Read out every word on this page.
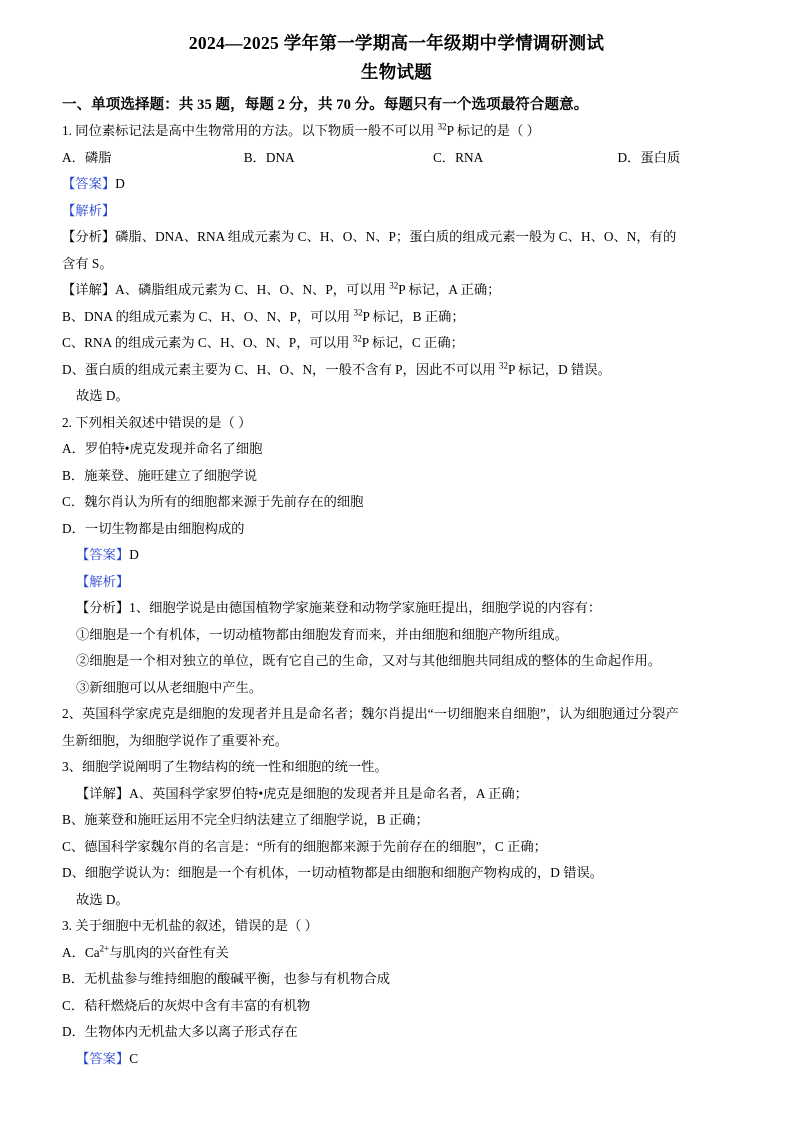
2024—2025 学年第一学期高一年级期中学情调研测试
生物试题
一、单项选择题：共 35 题，每题 2 分，共 70 分。每题只有一个选项最符合题意。
1. 同位素标记法是高中生物常用的方法。以下物质一般不可以用 $^{32}$P 标记的是（ ）
A．磷脂	B．DNA	C．RNA	D．蛋白质
【答案】D
【解析】
【分析】磷脂、DNA、RNA 组成元素为 C、H、O、N、P；蛋白质的组成元素一般为 C、H、O、N，有的
含有 S。
【详解】A、磷脂组成元素为 C、H、O、N、P，可以用 $^{32}$P 标记，A 正确；
B、DNA 的组成元素为 C、H、O、N、P，可以用 $^{32}$P 标记，B 正确；
C、RNA 的组成元素为 C、H、O、N、P，可以用 $^{32}$P 标记，C 正确；
D、蛋白质的组成元素主要为 C、H、O、N，一般不含有 P，因此不可以用 $^{32}$P 标记，D 错误。
故选 D。
2. 下列相关叙述中错误的是（ ）
A．罗伯特•虎克发现并命名了细胞
B．施莱登、施旺建立了细胞学说
C．魏尔肖认为所有的细胞都来源于先前存在的细胞
D．一切生物都是由细胞构成的
【答案】D
【解析】
【分析】1、细胞学说是由德国植物学家施莱登和动物学家施旺提出，细胞学说的内容有：
①细胞是一个有机体，一切动植物都由细胞发育而来，并由细胞和细胞产物所组成。
②细胞是一个相对独立的单位，既有它自己的生命，又对与其他细胞共同组成的整体的生命起作用。
③新细胞可以从老细胞中产生。
2、英国科学家虎克是细胞的发现者并且是命名者；魏尔肖提出“一切细胞来自细胞”，认为细胞通过分裂产
生新细胞，为细胞学说作了重要补充。
3、细胞学说阐明了生物结构的统一性和细胞的统一性。
【详解】A、英国科学家罗伯特•虎克是细胞的发现者并且是命名者，A 正确；
B、施莱登和施旺运用不完全归纳法建立了细胞学说，B 正确；
C、德国科学家魏尔肖的名言是：“所有的细胞都来源于先前存在的细胞”，C 正确；
D、细胞学说认为：细胞是一个有机体，一切动植物都是由细胞和细胞产物构成的，D 错误。
故选 D。
3. 关于细胞中无机盐的叙述，错误的是（ ）
A．$Ca^{2+}$与肌肉的兴奋性有关
B．无机盐参与维持细胞的酸碱平衡，也参与有机物合成
C．秸秆燃烧后的灰烬中含有丰富的有机物
D．生物体内无机盐大多以离子形式存在
【答案】C
